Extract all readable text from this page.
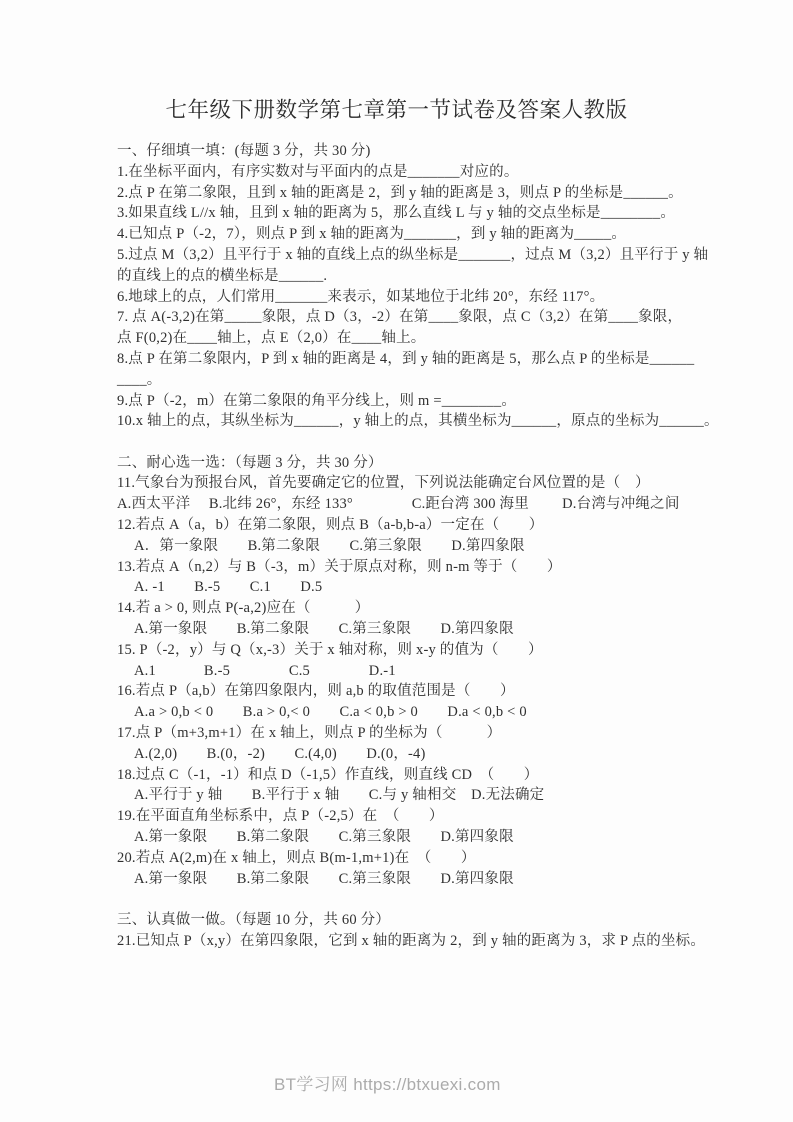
七年级下册数学第七章第一节试卷及答案人教版
一、仔细填一填：(每题 3 分，共 30 分)
1.在坐标平面内，有序实数对与平面内的点是_______对应的。
2.点 P 在第二象限，且到 x 轴的距离是 2，到 y 轴的距离是 3，则点 P 的坐标是______。
3.如果直线 L//x 轴，且到 x 轴的距离为 5，那么直线 L 与 y 轴的交点坐标是________。
4.已知点 P（-2，7），则点 P 到 x 轴的距离为_______，到 y 轴的距离为_____。
5.过点 M（3,2）且平行于 x 轴的直线上点的纵坐标是_______，过点 M（3,2）且平行于 y 轴
的直线上的点的横坐标是______.
6.地球上的点，人们常用_______来表示，如某地位于北纬 20°，东经 117°。
7. 点 A(-3,2)在第_____象限，点 D（3，-2）在第____象限，点 C（3,2）在第____象限，
点 F(0,2)在____轴上，点 E（2,0）在____轴上。
8.点 P 在第二象限内，P 到 x 轴的距离是 4，到 y 轴的距离是 5，那么点 P 的坐标是______
____。
9.点 P（-2，m）在第二象限的角平分线上，则 m =________。
10.x 轴上的点，其纵坐标为______，y 轴上的点，其横坐标为______，原点的坐标为______。
二、耐心选一选：（每题 3 分，共 30 分）
11.气象台为预报台风，首先要确定它的位置，下列说法能确定台风位置的是（　）
A.西太平洋　 B.北纬 26°，东经 133°　　　　C.距台湾 300 海里　　 D.台湾与冲绳之间
12.若点 A（a，b）在第二象限，则点 B（a-b,b-a）一定在（　　）
A．第一象限　　B.第二象限　　C.第三象限　　D.第四象限
13.若点 A（n,2）与 B（-3，m）关于原点对称，则 n-m 等于（　　）
A. -1　　B.-5　　C.1　　D.5
14.若 a > 0, 则点 P(-a,2)应在（　　　）
A.第一象限　　B.第二象限　　C.第三象限　　D.第四象限
15. P（-2，y）与 Q（x,-3）关于 x 轴对称，则 x-y 的值为（　　）
A.1　　　 B.-5　　　　C.5　　　　D.-1
16.若点 P（a,b）在第四象限内，则 a,b 的取值范围是（　　）
A.a > 0,b < 0　　B.a > 0,< 0　　C.a < 0,b > 0　　D.a < 0,b < 0
17.点 P（m+3,m+1）在 x 轴上，则点 P 的坐标为（　　　）
A.(2,0)　　B.(0，-2)　　C.(4,0)　　D.(0，-4)
18.过点 C（-1，-1）和点 D（-1,5）作直线，则直线 CD　（　　）
A.平行于 y 轴　　B.平行于 x 轴　　C.与 y 轴相交　D.无法确定
19.在平面直角坐标系中，点 P（-2,5）在　（　　）
A.第一象限　　B.第二象限　　C.第三象限　　D.第四象限
20.若点 A(2,m)在 x 轴上，则点 B(m-1,m+1)在　（　　）
A.第一象限　　B.第二象限　　C.第三象限　　D.第四象限
三、认真做一做。（每题 10 分，共 60 分）
21.已知点 P（x,y）在第四象限，它到 x 轴的距离为 2，到 y 轴的距离为 3，求 P 点的坐标。
BT学习网 https://btxuexi.com
